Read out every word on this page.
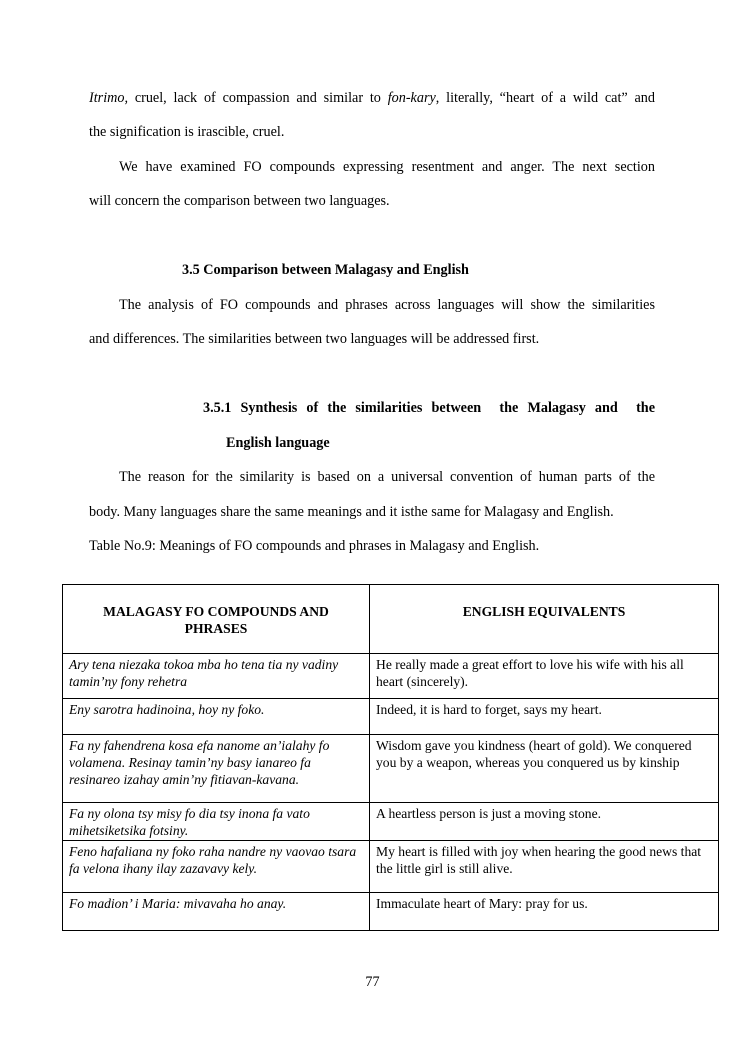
Itrimo, cruel, lack of compassion and similar to fon-kary, literally, “heart of a wild cat” and
the signification is irascible, cruel.
We have examined FO compounds expressing resentment and anger. The next section
will concern the comparison between two languages.
3.5 Comparison between Malagasy and English
The analysis of FO compounds and phrases across languages will show the similarities
and differences. The similarities between two languages will be addressed first.
3.5.1 Synthesis of the similarities between  the Malagasy and  the
English language
The reason for the similarity is based on a universal convention of human parts of the
body. Many languages share the same meanings and it isthe same for Malagasy and English.
Table No.9: Meanings of FO compounds and phrases in Malagasy and English.
MALAGASY FO COMPOUNDS AND PHRASES	ENGLISH EQUIVALENTS
Ary tena niezaka tokoa mba ho tena tia ny vadiny tamin’ny fony rehetra	He really made a great effort to love his wife with his all heart (sincerely).
Eny sarotra hadinoina, hoy ny foko.	Indeed, it is hard to forget, says my heart.
Fa ny fahendrena kosa efa nanome an’ialahy fo volamena. Resinay tamin’ny basy ianareo fa resinareo izahay amin’ny fitiavan-kavana.	Wisdom gave you kindness (heart of gold). We conquered you by a weapon, whereas you conquered us by kinship
Fa ny olona tsy misy fo dia tsy inona fa vato mihetsiketsika fotsiny.	A heartless person is just a moving stone.
Feno hafaliana ny foko raha nandre ny vaovao tsara fa velona ihany ilay zazavavy kely.	My heart is filled with joy when hearing the good news that the little girl is still alive.
Fo madion’ i Maria: mivavaha ho anay.	Immaculate heart of Mary: pray for us.
77
